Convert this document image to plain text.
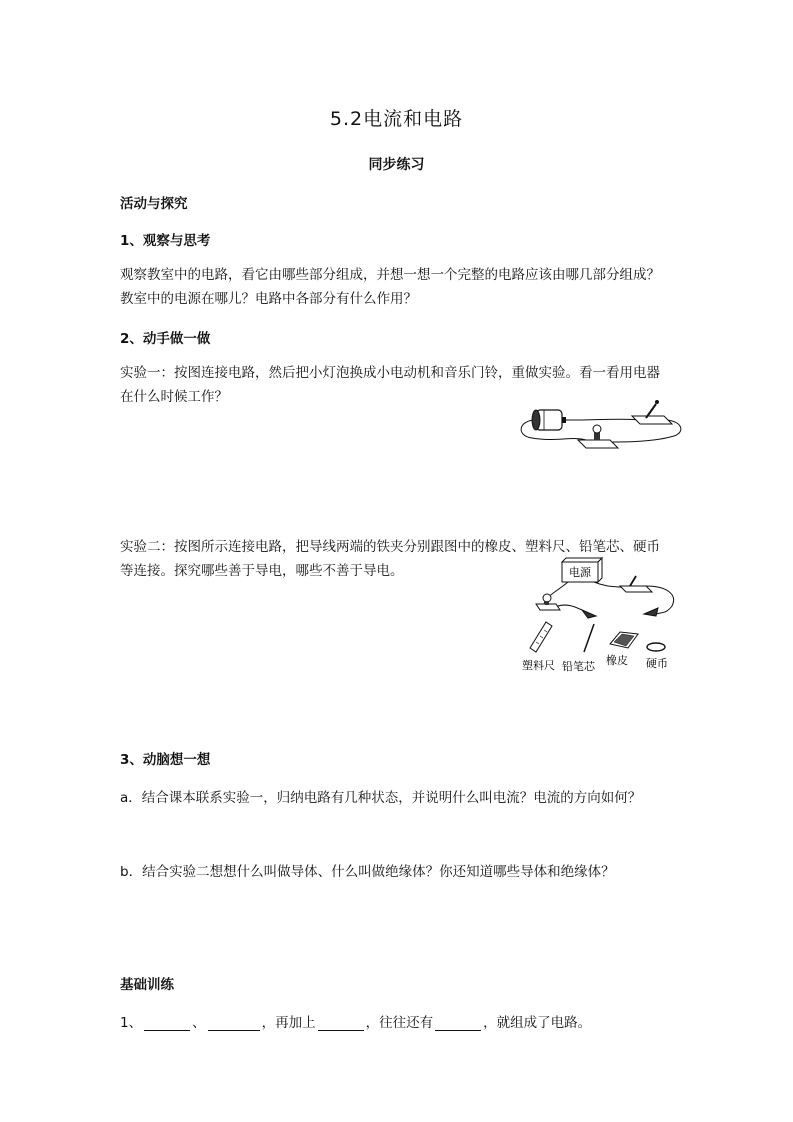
5.2电流和电路
同步练习
活动与探究
1、观察与思考
观察教室中的电路，看它由哪些部分组成，并想一想一个完整的电路应该由哪几部分组成？
教室中的电源在哪儿？电路中各部分有什么作用？
2、动手做一做
实验一：按图连接电路，然后把小灯泡换成小电动机和音乐门铃，重做实验。看一看用电器
在什么时候工作？
实验二：按图所示连接电路，把导线两端的铁夹分别跟图中的橡皮、塑料尺、铅笔芯、硬币
等连接。探究哪些善于导电，哪些不善于导电。	电源
塑料尺 铅笔芯 橡皮 硬币
3、动脑想一想
a．结合课本联系实验一，归纳电路有几种状态，并说明什么叫电流？电流的方向如何？
b．结合实验二想想什么叫做导体、什么叫做绝缘体？你还知道哪些导体和绝缘体？
基础训练
1、	、	，再加上	，往往还有	，就组成了电路。
